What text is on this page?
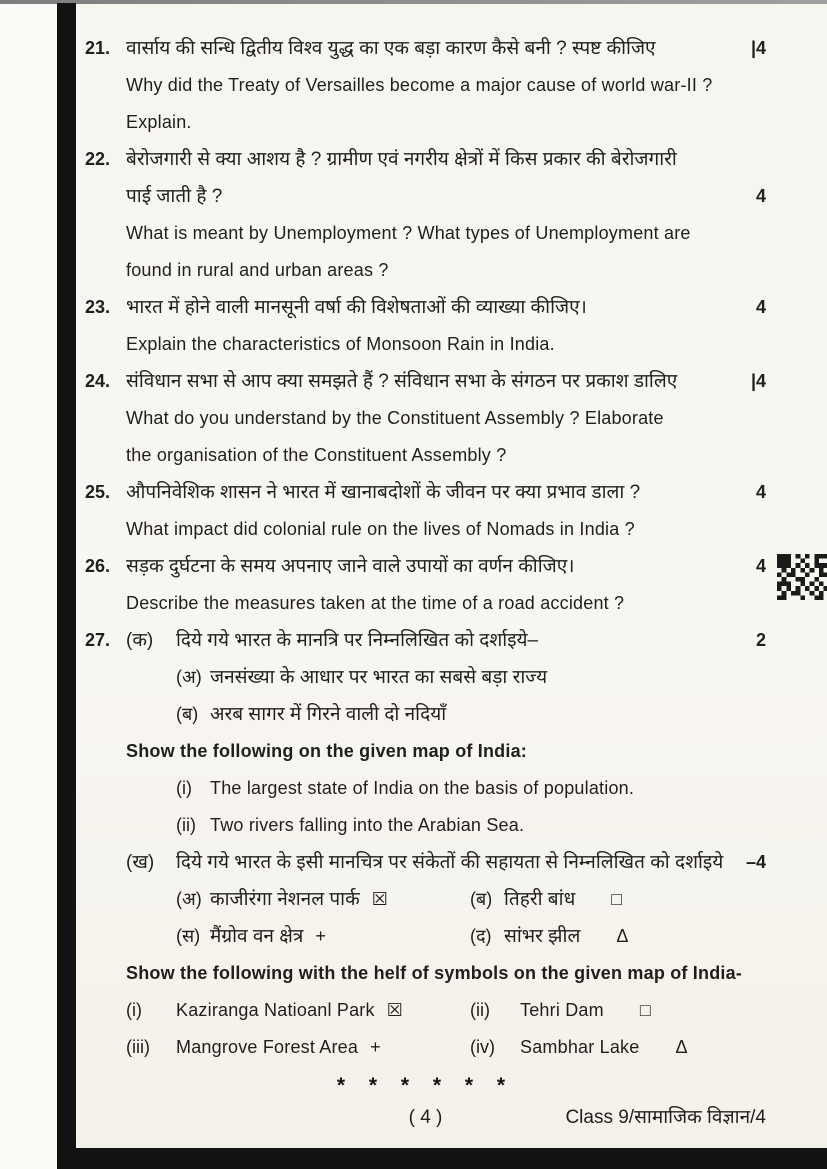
21. वार्साय की सन्धि द्वितीय विश्व युद्ध का एक बड़ा कारण कैसे बनी ? स्पष्ट कीजिए	|4
Why did the Treaty of Versailles become a major cause of world war-II ?
Explain.
22. बेरोजगारी से क्या आशय है ? ग्रामीण एवं नगरीय क्षेत्रों में किस प्रकार की बेरोजगारी
पाई जाती है ?	4
What is meant by Unemployment ? What types of Unemployment are
found in rural and urban areas ?
23. भारत में होने वाली मानसूनी वर्षा की विशेषताओं की व्याख्या कीजिए।	4
Explain the characteristics of Monsoon Rain in India.
24. संविधान सभा से आप क्या समझते हैं ? संविधान सभा के संगठन पर प्रकाश डालिए	|4
What do you understand by the Constituent Assembly ? Elaborate
the organisation of the Constituent Assembly ?
25. औपनिवेशिक शासन ने भारत में खानाबदोशों के जीवन पर क्या प्रभाव डाला ?	4
What impact did colonial rule on the lives of Nomads in India ?
26. सड़क दुर्घटना के समय अपनाए जाने वाले उपायों का वर्णन कीजिए।	4
Describe the measures taken at the time of a road accident ?
27. (क)	दिये गये भारत के मानत्रि पर निम्नलिखित को दर्शाइये–	2
(अ) जनसंख्या के आधार पर भारत का सबसे बड़ा राज्य
(ब) अरब सागर में गिरने वाली दो नदियाँ
Show the following on the given map of India:
(i)	The largest state of India on the basis of population.
(ii) Two rivers falling into the Arabian Sea.
(ख)	दिये गये भारत के इसी मानचित्र पर संकेतों की सहायता से निम्नलिखित को दर्शाइये	–4
(अ) काजीरंगा नेशनल पार्क ☒	(ब) तिहरी बांध □
(स) मैंग्रोव वन क्षेत्र +	(द) सांभर झील Δ
Show the following with the helf of symbols on the given map of India-
(i)	Kaziranga Natioanl Park ☒	(ii)	Tehri Dam □
(iii)	Mangrove Forest Area +	(iv)	Sambhar Lake Δ
* * * * * *
( 4 )	Class 9/सामाजिक विज्ञान/4
